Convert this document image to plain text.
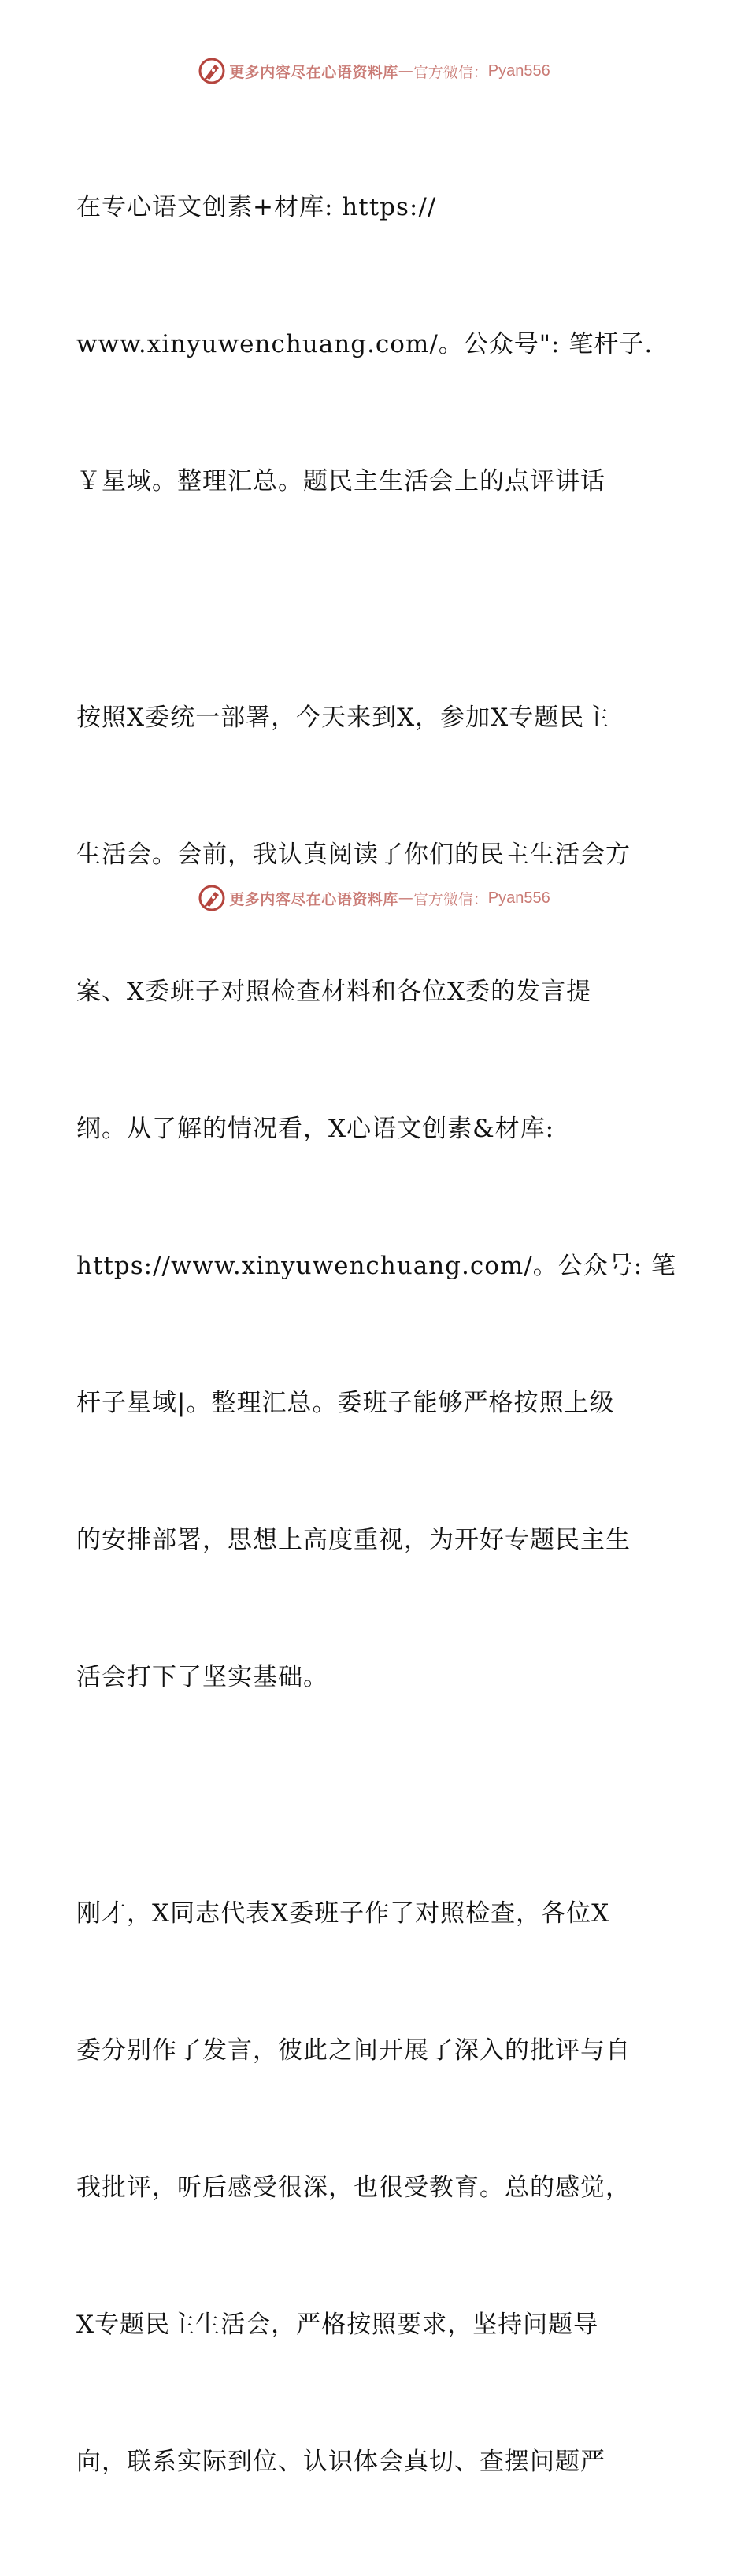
更多内容尽在心语资料库 — 官方微信： Pyan556

在专心语文创素+材库: https://

www.xinyuwenchuang.com/。公众号": 笔杆子.

￥星域。整理汇总。题民主生活会上的点评讲话

按照X委统一部署，今天来到X，参加X专题民主

生活会。会前，我认真阅读了你们的民主生活会方

案、X委班子对照检查材料和各位X委的发言提

纲。从了解的情况看，X心语文创素&材库:

https://www.xinyuwenchuang.com/。公众号: 笔

杆子星域|。整理汇总。委班子能够严格按照上级

的安排部署，思想上高度重视，为开好专题民主生

活会打下了坚实基础。

刚才，X同志代表X委班子作了对照检查，各位X

委分别作了发言，彼此之间开展了深入的批评与自

我批评，听后感受很深，也很受教育。总的感觉，

X专题民主生活会，严格按照要求，坚持问题导

向，联系实际到位、认识体会真切、查摆问题严

更多内容尽在心语资料库 — 官方微信： Pyan556
